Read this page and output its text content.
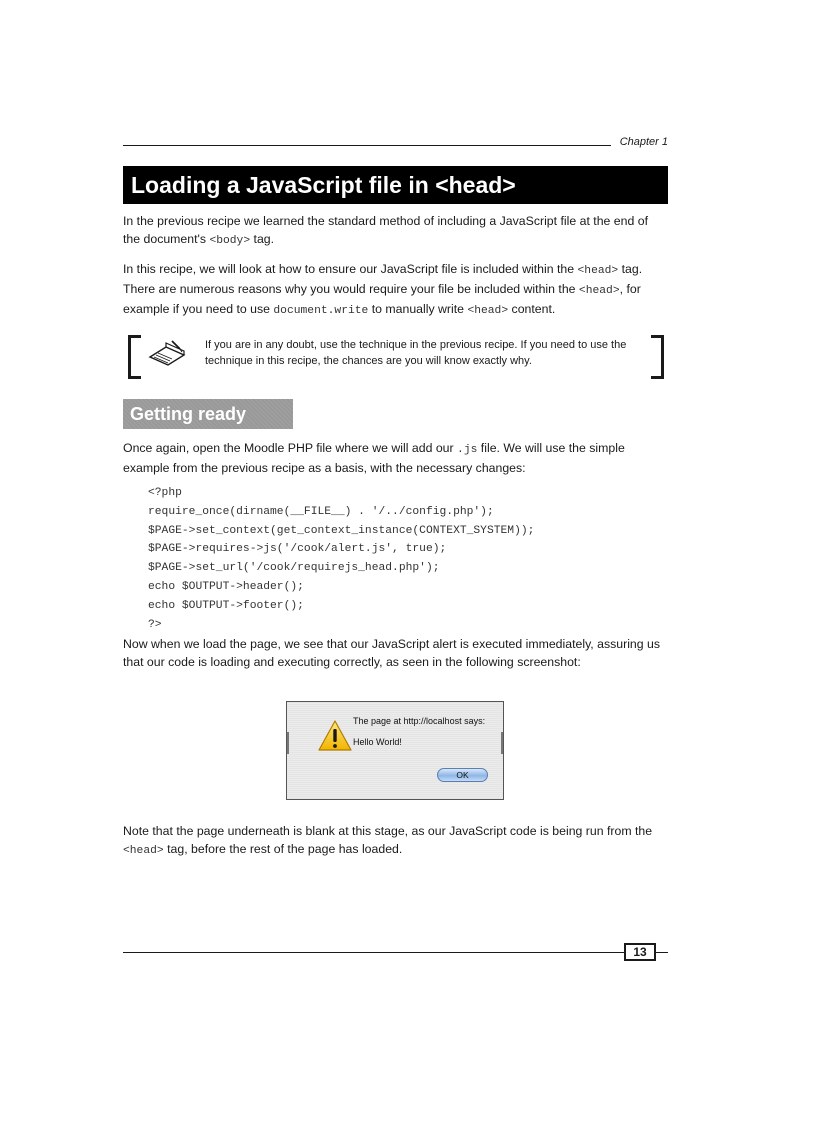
Chapter 1
Loading a JavaScript file in <head>
In the previous recipe we learned the standard method of including a JavaScript file at the end of the document's <body> tag.
In this recipe, we will look at how to ensure our JavaScript file is included within the <head> tag. There are numerous reasons why you would require your file be included within the <head>, for example if you need to use document.write to manually write <head> content.
If you are in any doubt, use the technique in the previous recipe. If you need to use the technique in this recipe, the chances are you will know exactly why.
Getting ready
Once again, open the Moodle PHP file where we will add our .js file. We will use the simple example from the previous recipe as a basis, with the necessary changes:
<?php
require_once(dirname(__FILE__) . '/../config.php');
$PAGE->set_context(get_context_instance(CONTEXT_SYSTEM));
$PAGE->requires->js('/cook/alert.js', true);
$PAGE->set_url('/cook/requirejs_head.php');
echo $OUTPUT->header();
echo $OUTPUT->footer();
?>
Now when we load the page, we see that our JavaScript alert is executed immediately, assuring us that our code is loading and executing correctly, as seen in the following screenshot:
The page at http://localhost says:
Hello World!
OK
Note that the page underneath is blank at this stage, as our JavaScript code is being run from the <head> tag, before the rest of the page has loaded.
13
